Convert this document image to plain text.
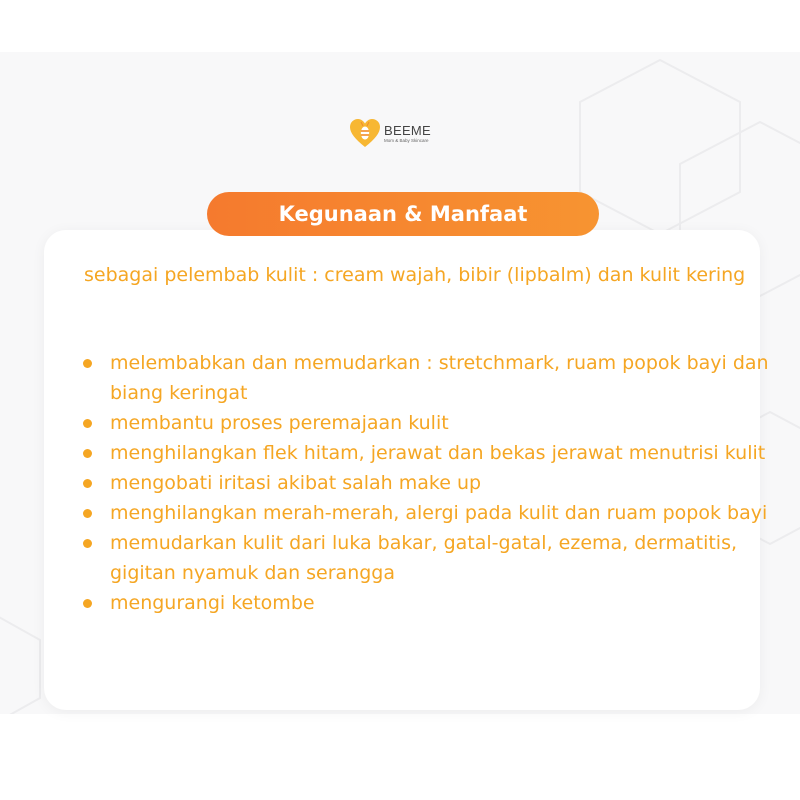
BEEME
Mom & Baby Skincare
Kegunaan & Manfaat
sebagai pelembab kulit : cream wajah, bibir (lipbalm) dan kulit kering
melembabkan dan memudarkan : stretchmark, ruam popok bayi dan biang keringat
membantu proses peremajaan kulit
menghilangkan flek hitam, jerawat dan bekas jerawat menutrisi kulit
mengobati iritasi akibat salah make up
menghilangkan merah-merah, alergi pada kulit dan ruam popok bayi
memudarkan kulit dari luka bakar, gatal-gatal, ezema, dermatitis, gigitan nyamuk dan serangga
mengurangi ketombe
